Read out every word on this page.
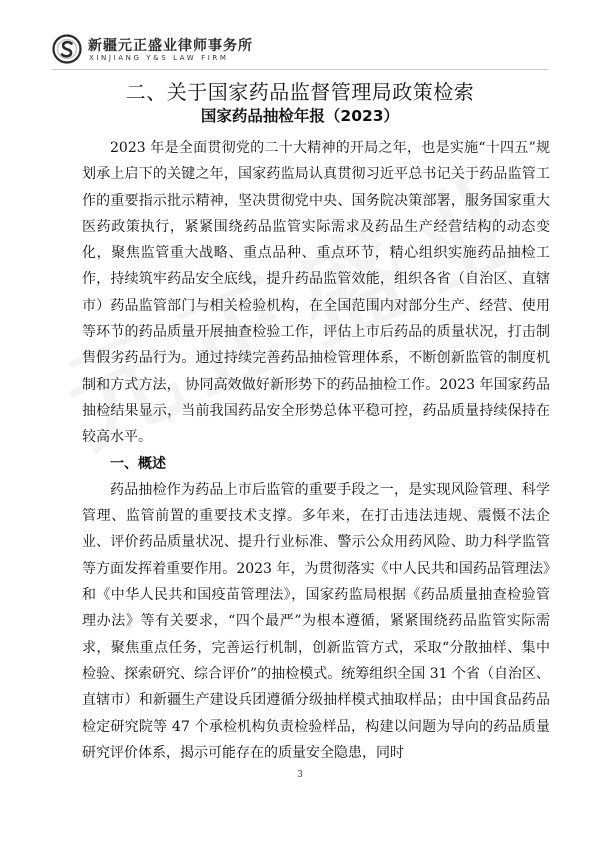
新疆元正盛业律师事务所
XINJIANG Y&S LAW FIRM
二、关于国家药品监督管理局政策检索
国家药品抽检年报（2023）

2023 年是全面贯彻党的二十大精神的开局之年，也是实施“十四五”规划承上启下的关键之年，国家药监局认真贯彻习近平总书记关于药品监管工作的重要指示批示精神，坚决贯彻党中央、国务院决策部署，服务国家重大医药政策执行，紧紧围绕药品监管实际需求及药品生产经营结构的动态变化，聚焦监管重大战略、重点品种、重点环节，精心组织实施药品抽检工作，持续筑牢药品安全底线，提升药品监管效能，组织各省（自治区、直辖市）药品监管部门与相关检验机构，在全国范围内对部分生产、经营、使用等环节的药品质量开展抽查检验工作，评估上市后药品的质量状况，打击制售假劣药品行为。通过持续完善药品抽检管理体系，不断创新监管的制度机制和方式方法， 协同高效做好新形势下的药品抽检工作。2023 年国家药品抽检结果显示，当前我国药品安全形势总体平稳可控，药品质量持续保持在较高水平。

一、概述

药品抽检作为药品上市后监管的重要手段之一，是实现风险管理、科学管理、监管前置的重要技术支撑。多年来，在打击违法违规、震慑不法企业、评价药品质量状况、提升行业标准、警示公众用药风险、助力科学监管等方面发挥着重要作用。2023 年，为贯彻落实《中人民共和国药品管理法》和《中华人民共和国疫苗管理法》，国家药监局根据《药品质量抽查检验管理办法》等有关要求，“四个最严”为根本遵循，紧紧围绕药品监管实际需求，聚焦重点任务，完善运行机制，创新监管方式，采取“分散抽样、集中检验、探索研究、综合评价”的抽检模式。统筹组织全国 31 个省（自治区、直辖市）和新疆生产建设兵团遵循分级抽样模式抽取样品；由中国食品药品检定研究院等 47 个承检机构负责检验样品，构建以问题为导向的药品质量研究评价体系，揭示可能存在的质量安全隐患，同时

3
